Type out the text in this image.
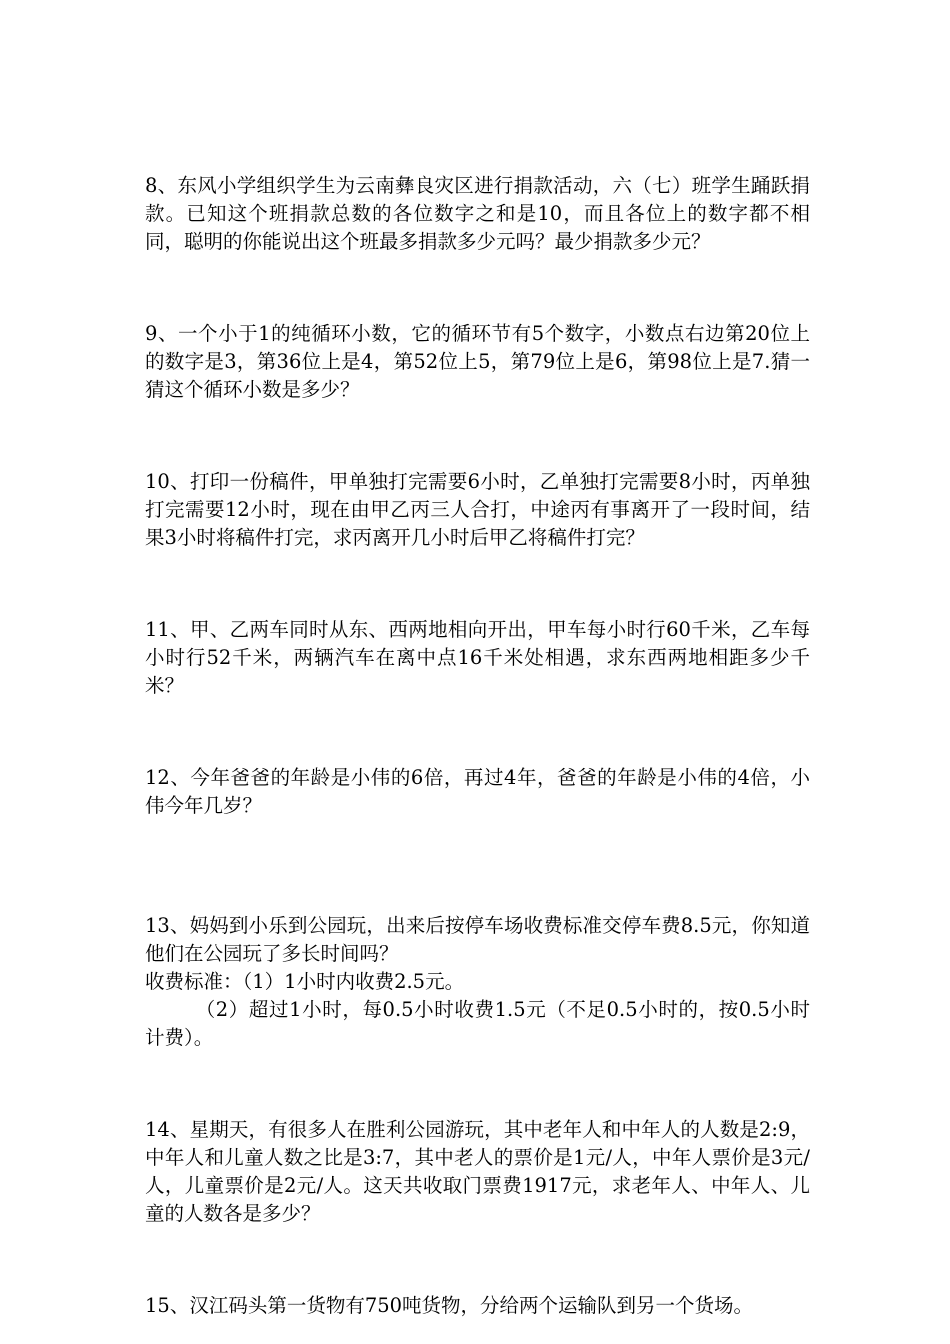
8、东风小学组织学生为云南彝良灾区进行捐款活动，六（七）班学生踊跃捐款。已知这个班捐款总数的各位数字之和是10，而且各位上的数字都不相同，聪明的你能说出这个班最多捐款多少元吗？最少捐款多少元？

9、一个小于1的纯循环小数，它的循环节有5个数字，小数点右边第20位上的数字是3，第36位上是4，第52位上5，第79位上是6，第98位上是7.猜一猜这个循环小数是多少？

10、打印一份稿件，甲单独打完需要6小时，乙单独打完需要8小时，丙单独打完需要12小时，现在由甲乙丙三人合打，中途丙有事离开了一段时间，结果3小时将稿件打完，求丙离开几小时后甲乙将稿件打完？

11、甲、乙两车同时从东、西两地相向开出，甲车每小时行60千米，乙车每小时行52千米，两辆汽车在离中点16千米处相遇，求东西两地相距多少千米？

12、今年爸爸的年龄是小伟的6倍，再过4年，爸爸的年龄是小伟的4倍，小伟今年几岁？

13、妈妈到小乐到公园玩，出来后按停车场收费标准交停车费8.5元，你知道他们在公园玩了多长时间吗？

收费标准：（1）1小时内收费2.5元。

（2）超过1小时，每0.5小时收费1.5元（不足0.5小时的，按0.5小时计费）。

14、星期天，有很多人在胜利公园游玩，其中老年人和中年人的人数是2:9，中年人和儿童人数之比是3:7，其中老人的票价是1元/人，中年人票价是3元/人，儿童票价是2元/人。这天共收取门票费1917元，求老年人、中年人、儿童的人数各是多少？

15、汉江码头第一货物有750吨货物，分给两个运输队到另一个货场。
